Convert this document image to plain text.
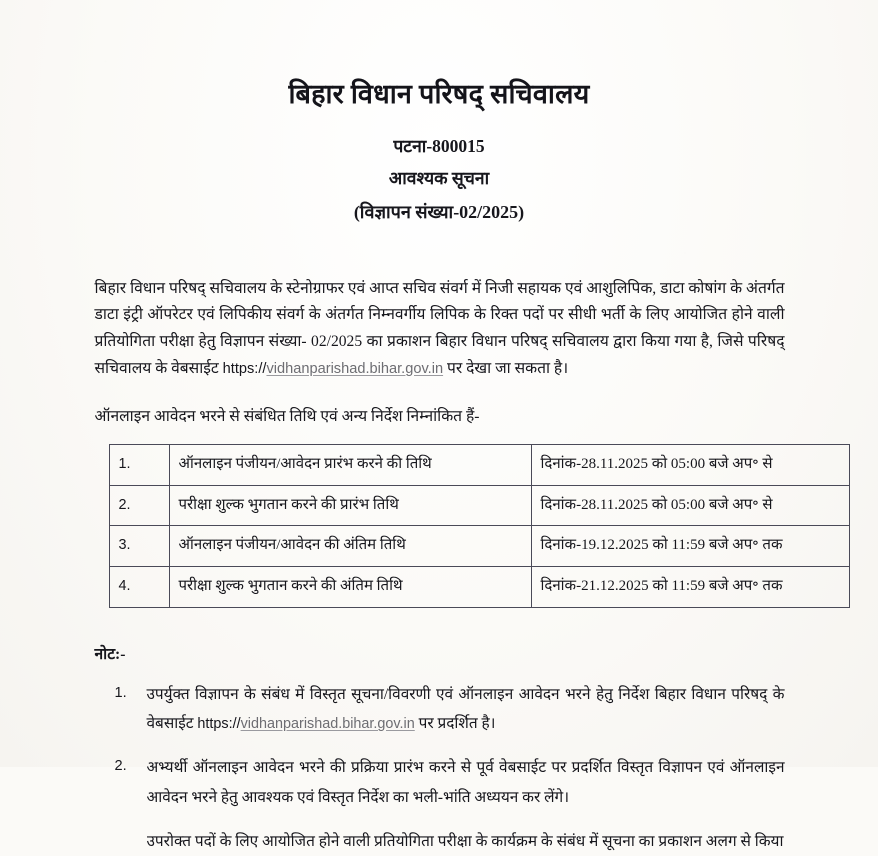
बिहार विधान परिषद् सचिवालय
पटना-800015
आवश्यक सूचना
(विज्ञापन संख्या-02/2025)

बिहार विधान परिषद् सचिवालय के स्टेनोग्राफर एवं आप्त सचिव संवर्ग में निजी सहायक एवं आशुलिपिक, डाटा कोषांग के अंतर्गत डाटा इंट्री ऑपरेटर एवं लिपिकीय संवर्ग के अंतर्गत निम्नवर्गीय लिपिक के रिक्त पदों पर सीधी भर्ती के लिए आयोजित होने वाली प्रतियोगिता परीक्षा हेतु विज्ञापन संख्या- 02/2025 का प्रकाशन बिहार विधान परिषद् सचिवालय द्वारा किया गया है, जिसे परिषद् सचिवालय के वेबसाईट https://vidhanparishad.bihar.gov.in पर देखा जा सकता है।

ऑनलाइन आवेदन भरने से संबंधित तिथि एवं अन्य निर्देश निम्नांकित हैं-
1.	ऑनलाइन पंजीयन/आवेदन प्रारंभ करने की तिथि	दिनांक-28.11.2025 को 05:00 बजे अप॰ से
2.	परीक्षा शुल्क भुगतान करने की प्रारंभ तिथि	दिनांक-28.11.2025 को 05:00 बजे अप॰ से
3.	ऑनलाइन पंजीयन/आवेदन की अंतिम तिथि	दिनांक-19.12.2025 को 11:59 बजे अप॰ तक
4.	परीक्षा शुल्क भुगतान करने की अंतिम तिथि	दिनांक-21.12.2025 को 11:59 बजे अप॰ तक
नोट:-
उपर्युक्त विज्ञापन के संबंध में विस्तृत सूचना/विवरणी एवं ऑनलाइन आवेदन भरने हेतु निर्देश बिहार विधान परिषद् के वेबसाईट https://vidhanparishad.bihar.gov.in पर प्रदर्शित है।
अभ्यर्थी ऑनलाइन आवेदन भरने की प्रक्रिया प्रारंभ करने से पूर्व वेबसाईट पर प्रदर्शित विस्तृत विज्ञापन एवं ऑनलाइन आवेदन भरने हेतु आवश्यक एवं विस्तृत निर्देश का भली-भांति अध्ययन कर लेंगे।
उपरोक्त पदों के लिए आयोजित होने वाली प्रतियोगिता परीक्षा के कार्यक्रम के संबंध में सूचना का प्रकाशन अलग से किया
